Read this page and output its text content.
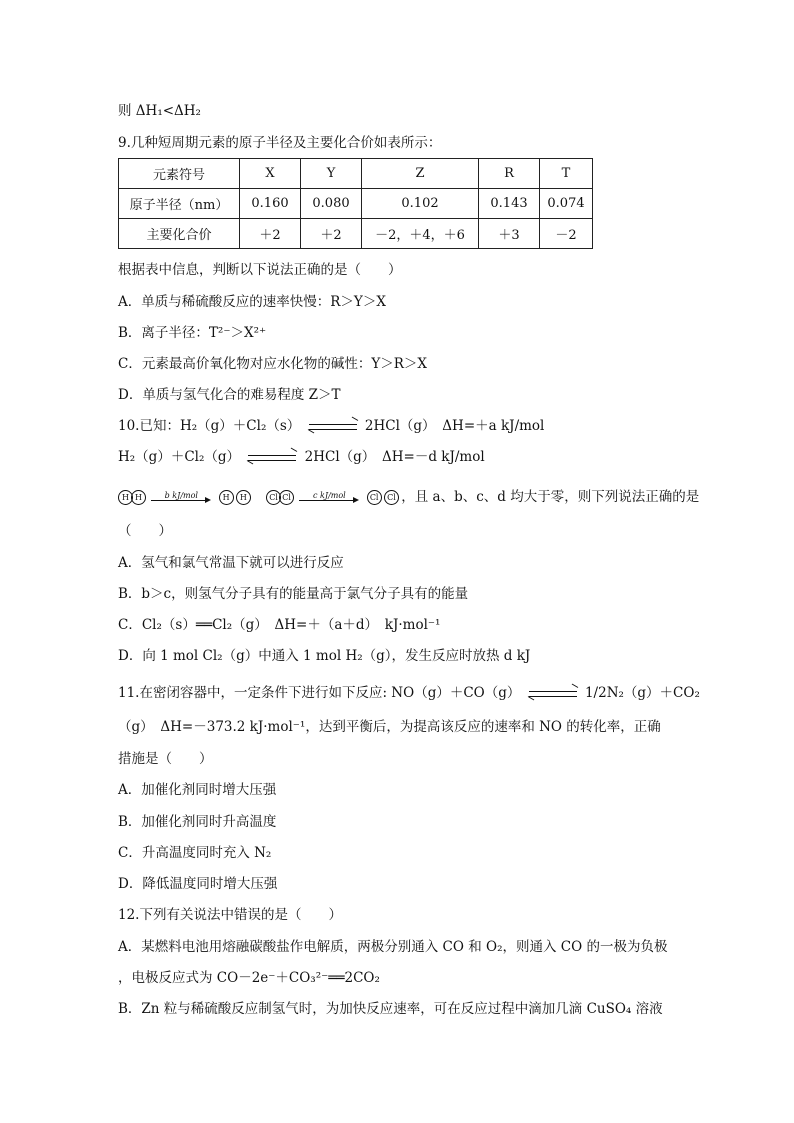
则 ΔH₁<ΔH₂
9.几种短周期元素的原子半径及主要化合价如表所示：
元素符号	X	Y	Z	R	T
原子半径（nm）	0.160	0.080	0.102	0.143	0.074
主要化合价	＋2	＋2	－2，＋4，＋6	＋3	－2
根据表中信息，判断以下说法正确的是（　　）
A．单质与稀硫酸反应的速率快慢：R＞Y＞X
B．离子半径：T²⁻＞X²⁺
C．元素最高价氧化物对应水化物的碱性：Y＞R＞X
D．单质与氢气化合的难易程度 Z＞T
10.已知：H₂（g）＋Cl₂（s） ⇌ 2HCl（g）　ΔH=＋a kJ/mol
H₂（g）＋Cl₂（g） ⇌ 2HCl（g）　ΔH=－d kJ/mol
H H	b kJ/mol	H H	Cl Cl	c kJ/mol	Cl Cl ，且 a、b、c、d 均大于零，则下列说法正确的是
（　　）
A．氢气和氯气常温下就可以进行反应
B．b＞c，则氢气分子具有的能量高于氯气分子具有的能量
C．Cl₂（s）══Cl₂（g）　ΔH=＋（a＋d）　kJ·mol⁻¹
D．向 1 mol Cl₂（g）中通入 1 mol H₂（g），发生反应时放热 d kJ
11.在密闭容器中，一定条件下进行如下反应: NO（g）＋CO（g） ⇌ 1/2N₂（g）＋CO₂
（g）　ΔH=－373.2 kJ·mol⁻¹，达到平衡后，为提高该反应的速率和 NO 的转化率，正确
措施是（　　）
A．加催化剂同时增大压强
B．加催化剂同时升高温度
C．升高温度同时充入 N₂
D．降低温度同时增大压强
12.下列有关说法中错误的是（　　）
A．某燃料电池用熔融碳酸盐作电解质，两极分别通入 CO 和 O₂，则通入 CO 的一极为负极
，电极反应式为 CO－2e⁻＋CO₃²⁻══2CO₂
B．Zn 粒与稀硫酸反应制氢气时，为加快反应速率，可在反应过程中滴加几滴 CuSO₄ 溶液
